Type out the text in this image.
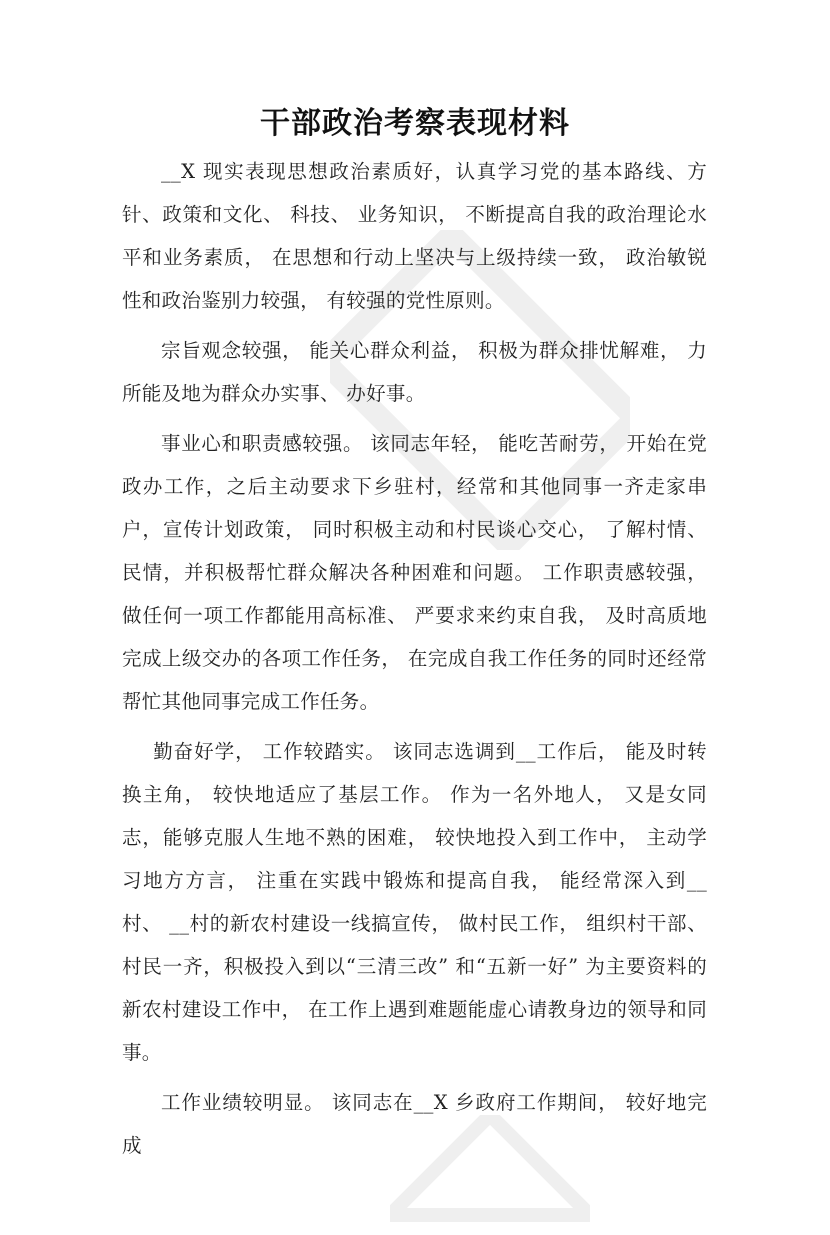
干部政治考察表现材料

__X 现实表现思想政治素质好，认真学习党的基本路线、方针、政策和文化、 科技、 业务知识， 不断提高自我的政治理论水平和业务素质， 在思想和行动上坚决与上级持续一致， 政治敏锐性和政治鉴别力较强， 有较强的党性原则。

宗旨观念较强， 能关心群众利益， 积极为群众排忧解难， 力所能及地为群众办实事、 办好事。

事业心和职责感较强。 该同志年轻， 能吃苦耐劳， 开始在党政办工作，之后主动要求下乡驻村，经常和其他同事一齐走家串户，宣传计划政策， 同时积极主动和村民谈心交心， 了解村情、 民情，并积极帮忙群众解决各种困难和问题。 工作职责感较强， 做任何一项工作都能用高标准、 严要求来约束自我， 及时高质地完成上级交办的各项工作任务， 在完成自我工作任务的同时还经常帮忙其他同事完成工作任务。

勤奋好学， 工作较踏实。 该同志选调到__工作后， 能及时转换主角， 较快地适应了基层工作。 作为一名外地人， 又是女同志，能够克服人生地不熟的困难， 较快地投入到工作中， 主动学习地方方言， 注重在实践中锻炼和提高自我， 能经常深入到__村、 __村的新农村建设一线搞宣传， 做村民工作， 组织村干部、 村民一齐，积极投入到以“三清三改” 和“五新一好” 为主要资料的新农村建设工作中， 在工作上遇到难题能虚心请教身边的领导和同事。

工作业绩较明显。 该同志在__X 乡政府工作期间， 较好地完成
